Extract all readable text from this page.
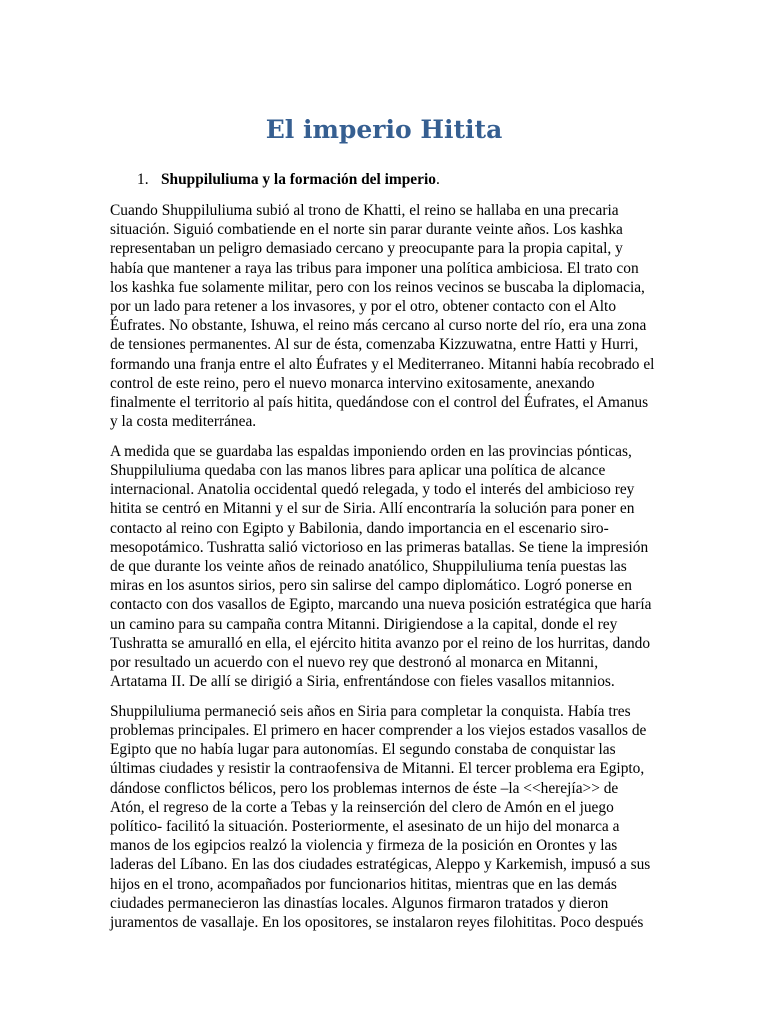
El imperio Hitita
1. Shuppiluliuma y la formación del imperio.

Cuando Shuppiluliuma subió al trono de Khatti, el reino se hallaba en una precaria
situación. Siguió combatiende en el norte sin parar durante veinte años. Los kashka
representaban un peligro demasiado cercano y preocupante para la propia capital, y
había que mantener a raya las tribus para imponer una política ambiciosa. El trato con
los kashka fue solamente militar, pero con los reinos vecinos se buscaba la diplomacia,
por un lado para retener a los invasores, y por el otro, obtener contacto con el Alto
Éufrates. No obstante, Ishuwa, el reino más cercano al curso norte del río, era una zona
de tensiones permanentes. Al sur de ésta, comenzaba Kizzuwatna, entre Hatti y Hurri,
formando una franja entre el alto Éufrates y el Mediterraneo. Mitanni había recobrado el
control de este reino, pero el nuevo monarca intervino exitosamente, anexando
finalmente el territorio al país hitita, quedándose con el control del Éufrates, el Amanus
y la costa mediterránea.

A medida que se guardaba las espaldas imponiendo orden en las provincias pónticas,
Shuppiluliuma quedaba con las manos libres para aplicar una política de alcance
internacional. Anatolia occidental quedó relegada, y todo el interés del ambicioso rey
hitita se centró en Mitanni y el sur de Siria. Allí encontraría la solución para poner en
contacto al reino con Egipto y Babilonia, dando importancia en el escenario siro-
mesopotámico. Tushratta salió victorioso en las primeras batallas. Se tiene la impresión
de que durante los veinte años de reinado anatólico, Shuppiluliuma tenía puestas las
miras en los asuntos sirios, pero sin salirse del campo diplomático. Logró ponerse en
contacto con dos vasallos de Egipto, marcando una nueva posición estratégica que haría
un camino para su campaña contra Mitanni. Dirigiendose a la capital, donde el rey
Tushratta se amuralló en ella, el ejército hitita avanzo por el reino de los hurritas, dando
por resultado un acuerdo con el nuevo rey que destronó al monarca en Mitanni,
Artatama II. De allí se dirigió a Siria, enfrentándose con fieles vasallos mitannios.

Shuppiluliuma permaneció seis años en Siria para completar la conquista. Había tres
problemas principales. El primero en hacer comprender a los viejos estados vasallos de
Egipto que no había lugar para autonomías. El segundo constaba de conquistar las
últimas ciudades y resistir la contraofensiva de Mitanni. El tercer problema era Egipto,
dándose conflictos bélicos, pero los problemas internos de éste –la <<herejía>> de
Atón, el regreso de la corte a Tebas y la reinserción del clero de Amón en el juego
político- facilitó la situación. Posteriormente, el asesinato de un hijo del monarca a
manos de los egipcios realzó la violencia y firmeza de la posición en Orontes y las
laderas del Líbano. En las dos ciudades estratégicas, Aleppo y Karkemish, impusó a sus
hijos en el trono, acompañados por funcionarios hititas, mientras que en las demás
ciudades permanecieron las dinastías locales. Algunos firmaron tratados y dieron
juramentos de vasallaje. En los opositores, se instalaron reyes filohititas. Poco después
